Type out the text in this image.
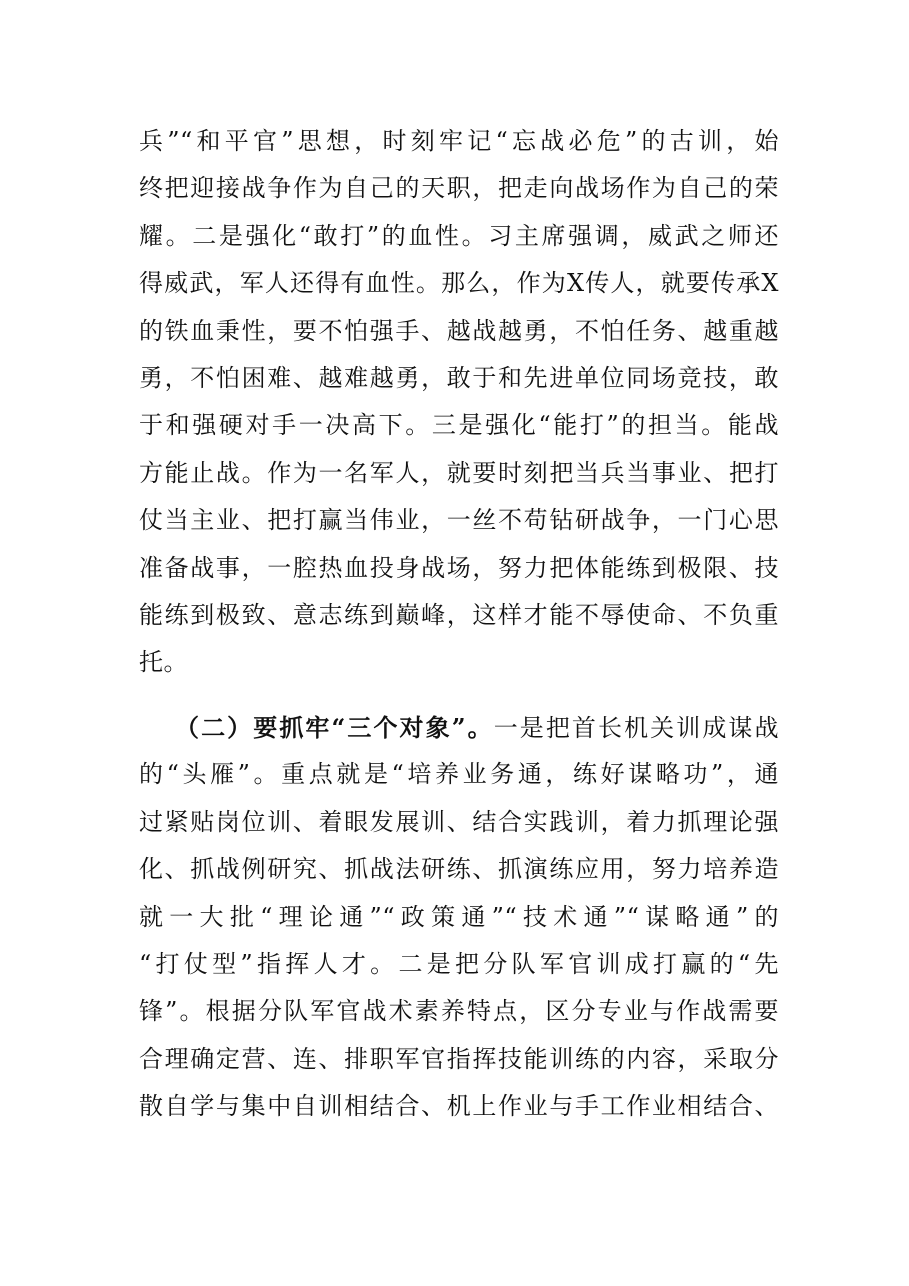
兵”“和平官”思想，时刻牢记“忘战必危”的古训，始
终把迎接战争作为自己的天职，把走向战场作为自己的荣
耀。二是强化“敢打”的血性。习主席强调，威武之师还
得威武，军人还得有血性。那么，作为X传人，就要传承X
的铁血秉性，要不怕强手、越战越勇，不怕任务、越重越
勇，不怕困难、越难越勇，敢于和先进单位同场竞技，敢
于和强硬对手一决高下。三是强化“能打”的担当。能战
方能止战。作为一名军人，就要时刻把当兵当事业、把打
仗当主业、把打赢当伟业，一丝不苟钻研战争，一门心思
准备战事，一腔热血投身战场，努力把体能练到极限、技
能练到极致、意志练到巅峰，这样才能不辱使命、不负重
托。
（二）要抓牢“三个对象”。一是把首长机关训成谋战
的“头雁”。重点就是“培养业务通，练好谋略功”，通
过紧贴岗位训、着眼发展训、结合实践训，着力抓理论强
化、抓战例研究、抓战法研练、抓演练应用，努力培养造
就一大批“理论通”“政策通”“技术通”“谋略通”的
“打仗型”指挥人才。二是把分队军官训成打赢的“先
锋”。根据分队军官战术素养特点，区分专业与作战需要
合理确定营、连、排职军官指挥技能训练的内容，采取分
散自学与集中自训相结合、机上作业与手工作业相结合、
